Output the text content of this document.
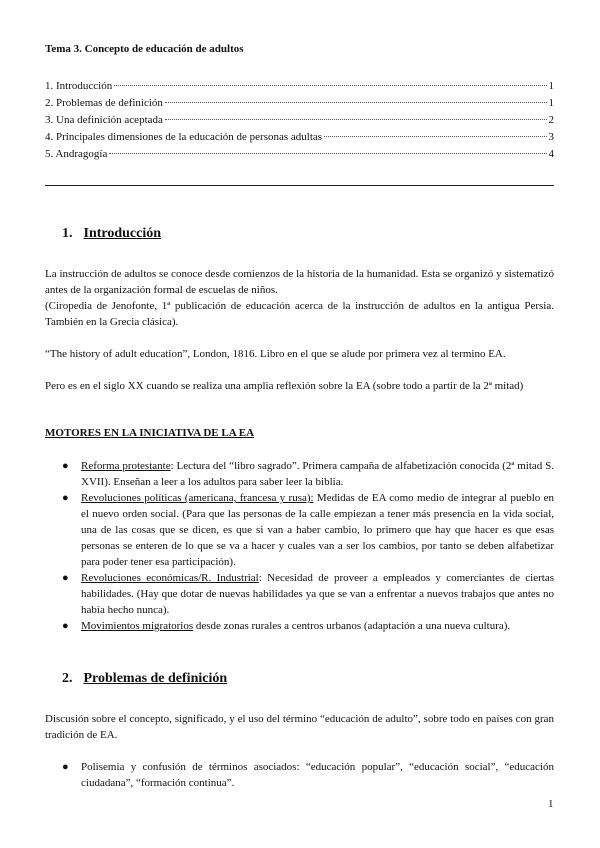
Tema 3. Concepto de educación de adultos
1. Introducción	1
2. Problemas de definición	1
3. Una definición aceptada	2
4. Principales dimensiones de la educación de personas adultas	3
5. Andragogía	4
1. Introducción

La instrucción de adultos se conoce desde comienzos de la historia de la humanidad. Esta se organizó y sistematizó antes de la organización formal de escuelas de niños.

(Ciropedia de Jenofonte, 1ª publicación de educación acerca de la instrucción de adultos en la antigua Persia. También en la Grecia clásica).

“The history of adult education”, London, 1816. Libro en el que se alude por primera vez al termino EA.

Pero es en el siglo XX cuando se realiza una amplia reflexión sobre la EA (sobre todo a partir de la 2ª mitad)

MOTORES EN LA INICIATIVA DE LA EA
● Reforma protestante: Lectura del “libro sagrado”. Primera campaña de alfabetización conocida (2ª mitad S. XVII). Enseñan a leer a los adultos para saber leer la biblia.
● Revoluciones políticas (americana, francesa y rusa): Medidas de EA como medio de integrar al pueblo en el nuevo orden social. (Para que las personas de la calle empiezan a tener más presencia en la vida social, una de las cosas que se dicen, es que si van a haber cambio, lo primero que hay que hacer es que esas personas se enteren de lo que se va a hacer y cuales van a ser los cambios, por tanto se deben alfabetizar para poder tener esa participación).
● Revoluciones económicas/R. Industrial: Necesidad de proveer a empleados y comerciantes de ciertas habilidades. (Hay que dotar de nuevas habilidades ya que se van a enfrentar a nuevos trabajos que antes no había hecho nunca).
● Movimientos migratorios desde zonas rurales a centros urbanos (adaptación a una nueva cultura).
2. Problemas de definición

Discusión sobre el concepto, significado, y el uso del término “educación de adulto”, sobre todo en países con gran tradición de EA.

● Polisemia y confusión de términos asociados: “educación popular”, “educación social”, “educación ciudadana”, “formación continua”.
1
